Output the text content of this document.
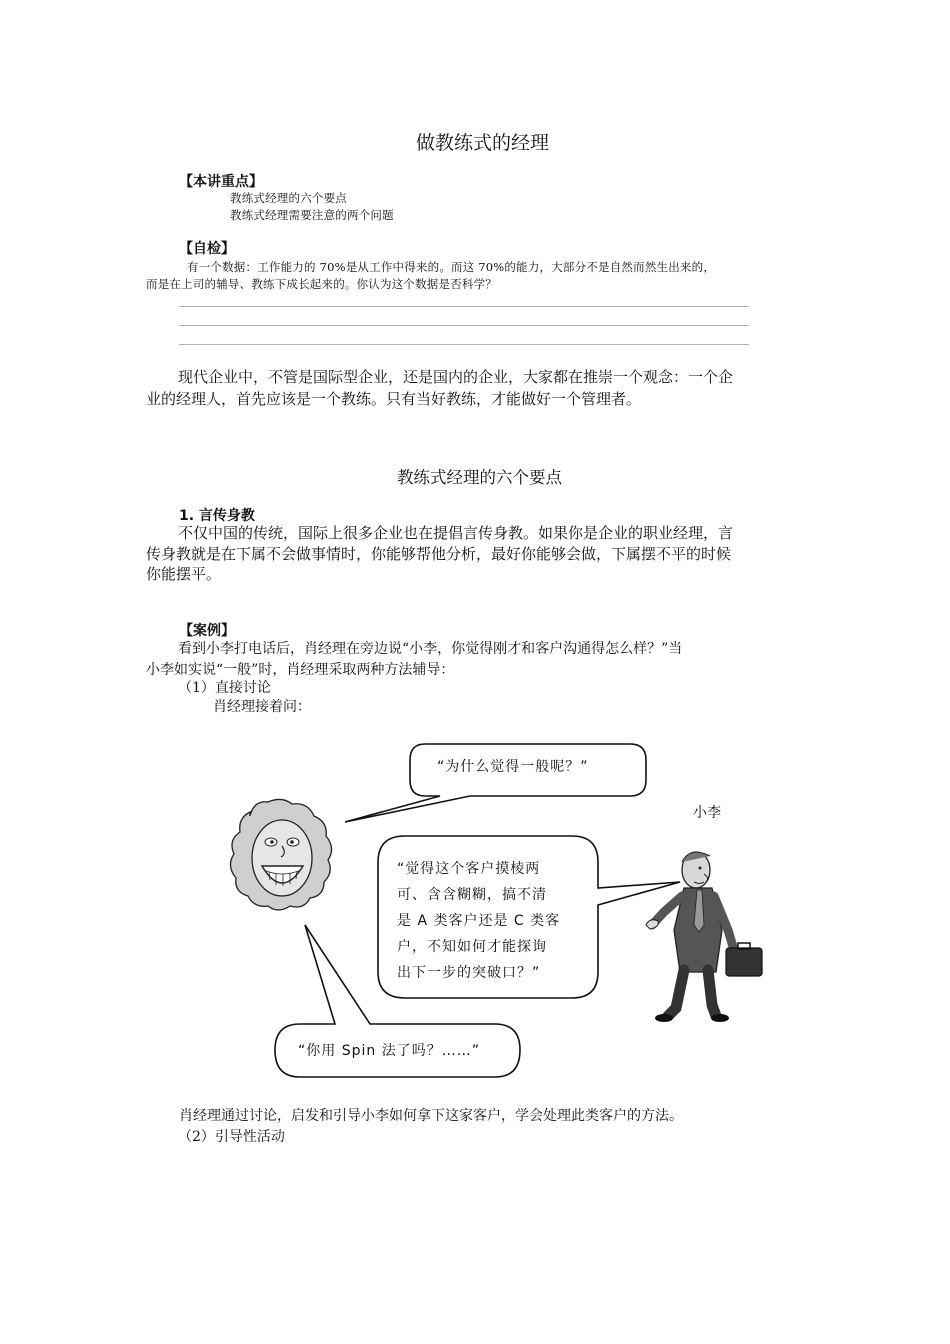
做教练式的经理
【本讲重点】
教练式经理的六个要点
教练式经理需要注意的两个问题
【自检】
有一个数据：工作能力的 70%是从工作中得来的。而这 70%的能力，大部分不是自然而然生出来的，
而是在上司的辅导、教练下成长起来的。你认为这个数据是否科学？
现代企业中，不管是国际型企业，还是国内的企业，大家都在推崇一个观念：一个企
业的经理人，首先应该是一个教练。只有当好教练，才能做好一个管理者。
教练式经理的六个要点
1. 言传身教
不仅中国的传统，国际上很多企业也在提倡言传身教。如果你是企业的职业经理，言
传身教就是在下属不会做事情时，你能够帮他分析，最好你能够会做，下属摆不平的时候
你能摆平。
【案例】
看到小李打电话后，肖经理在旁边说“小李，你觉得刚才和客户沟通得怎么样？”当
小李如实说“一般”时，肖经理采取两种方法辅导：
（1）直接讨论
肖经理接着问：
“为什么觉得一般呢？”
小李
“觉得这个客户摸棱两
可、含含糊糊，搞不清
是 A 类客户还是 C 类客
户，不知如何才能探询
出下一步的突破口？”
“你用 Spin 法了吗？……”
肖经理通过讨论，启发和引导小李如何拿下这家客户，学会处理此类客户的方法。
（2）引导性活动
